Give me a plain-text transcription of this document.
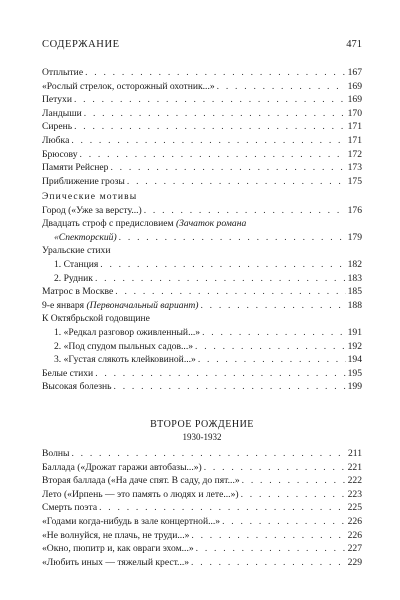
СОДЕРЖАНИЕ	471
Отплытие . . .	167
«Рослый стрелок, осторожный охотник...» . . .	169
Петухи . . .	169
Ландыши . . .	170
Сирень . . .	171
Любка . . .	171
Брюсову . . .	172
Памяти Рейснер . . .	173
Приближение грозы . . .	175
Эпические мотивы
Город («Уже за версту...) . . .	176
Двадцать строф с предисловием (Зачаток романа
«Спекторский) . . .	179
Уральские стихи
1. Станция . . .	182
2. Рудник . . .	183
Матрос в Москве . . .	185
9-е января (Первоначальный вариант) . . .	188
К Октябрьской годовщине
1. «Редкал разговор оживленный...» . . .	191
2. «Под спудом пыльных садов...» . . .	192
3. «Густая слякоть клейковиной...» . . .	194
Белые стихи . . .	195
Высокая болезнь . . .	199
ВТОРОЕ РОЖДЕНИЕ
1930-1932
Волны . . .	211
Баллада («Дрожат гаражи автобазы...») . . .	221
Вторая баллада («На даче спят. В саду, до пят...» . . .	222
Лето («Ирпень — это память о людях и лете...») . . .	223
Смерть поэта . . .	225
«Годами когда-нибудь в зале концертной...» . . .	226
«Не волнуйся, не плачь, не труди...» . . .	226
«Окно, пюпитр и, как овраги эхом...» . . .	227
«Любить иных — тяжелый крест...» . . .	229
